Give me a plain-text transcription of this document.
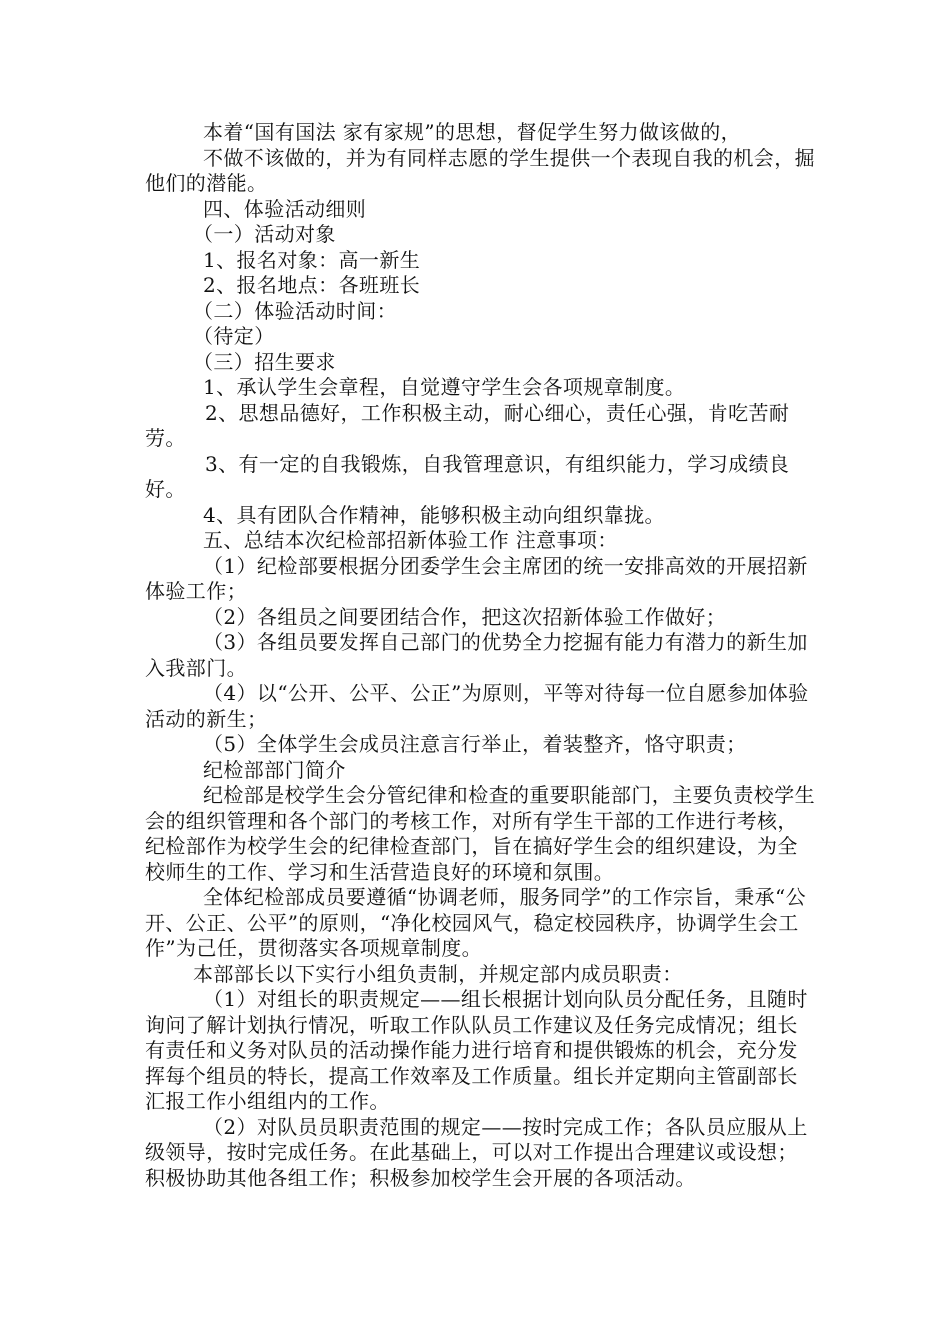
本着“国有国法 家有家规”的思想，督促学生努力做该做的，

不做不该做的，并为有同样志愿的学生提供一个表现自我的机会，掘他们的潜能。

四、体验活动细则

（一）活动对象

1、报名对象：高一新生

2、报名地点：各班班长

（二）体验活动时间：

（待定）

（三）招生要求

1、承认学生会章程，自觉遵守学生会各项规章制度。

2、思想品德好，工作积极主动，耐心细心，责任心强，肯吃苦耐劳。

3、有一定的自我锻炼，自我管理意识，有组织能力，学习成绩良好。

4、具有团队合作精神，能够积极主动向组织靠拢。

五、总结本次纪检部招新体验工作 注意事项：

（1）纪检部要根据分团委学生会主席团的统一安排高效的开展招新体验工作；

（2）各组员之间要团结合作，把这次招新体验工作做好；

（3）各组员要发挥自己部门的优势全力挖掘有能力有潜力的新生加入我部门。

（4）以“公开、公平、公正”为原则，平等对待每一位自愿参加体验活动的新生；

（5）全体学生会成员注意言行举止，着装整齐，恪守职责；

纪检部部门简介

纪检部是校学生会分管纪律和检查的重要职能部门，主要负责校学生会的组织管理和各个部门的考核工作，对所有学生干部的工作进行考核，纪检部作为校学生会的纪律检查部门，旨在搞好学生会的组织建设，为全校师生的工作、学习和生活营造良好的环境和氛围。

全体纪检部成员要遵循“协调老师，服务同学”的工作宗旨，秉承“公开、公正、公平”的原则，“净化校园风气，稳定校园秩序，协调学生会工作”为己任，贯彻落实各项规章制度。

本部部长以下实行小组负责制，并规定部内成员职责：

（1）对组长的职责规定——组长根据计划向队员分配任务，且随时询问了解计划执行情况，听取工作队队员工作建议及任务完成情况；组长有责任和义务对队员的活动操作能力进行培育和提供锻炼的机会，充分发挥每个组员的特长，提高工作效率及工作质量。组长并定期向主管副部长汇报工作小组组内的工作。

（2）对队员员职责范围的规定——按时完成工作；各队员应服从上级领导，按时完成任务。在此基础上，可以对工作提出合理建议或设想；积极协助其他各组工作；积极参加校学生会开展的各项活动。
